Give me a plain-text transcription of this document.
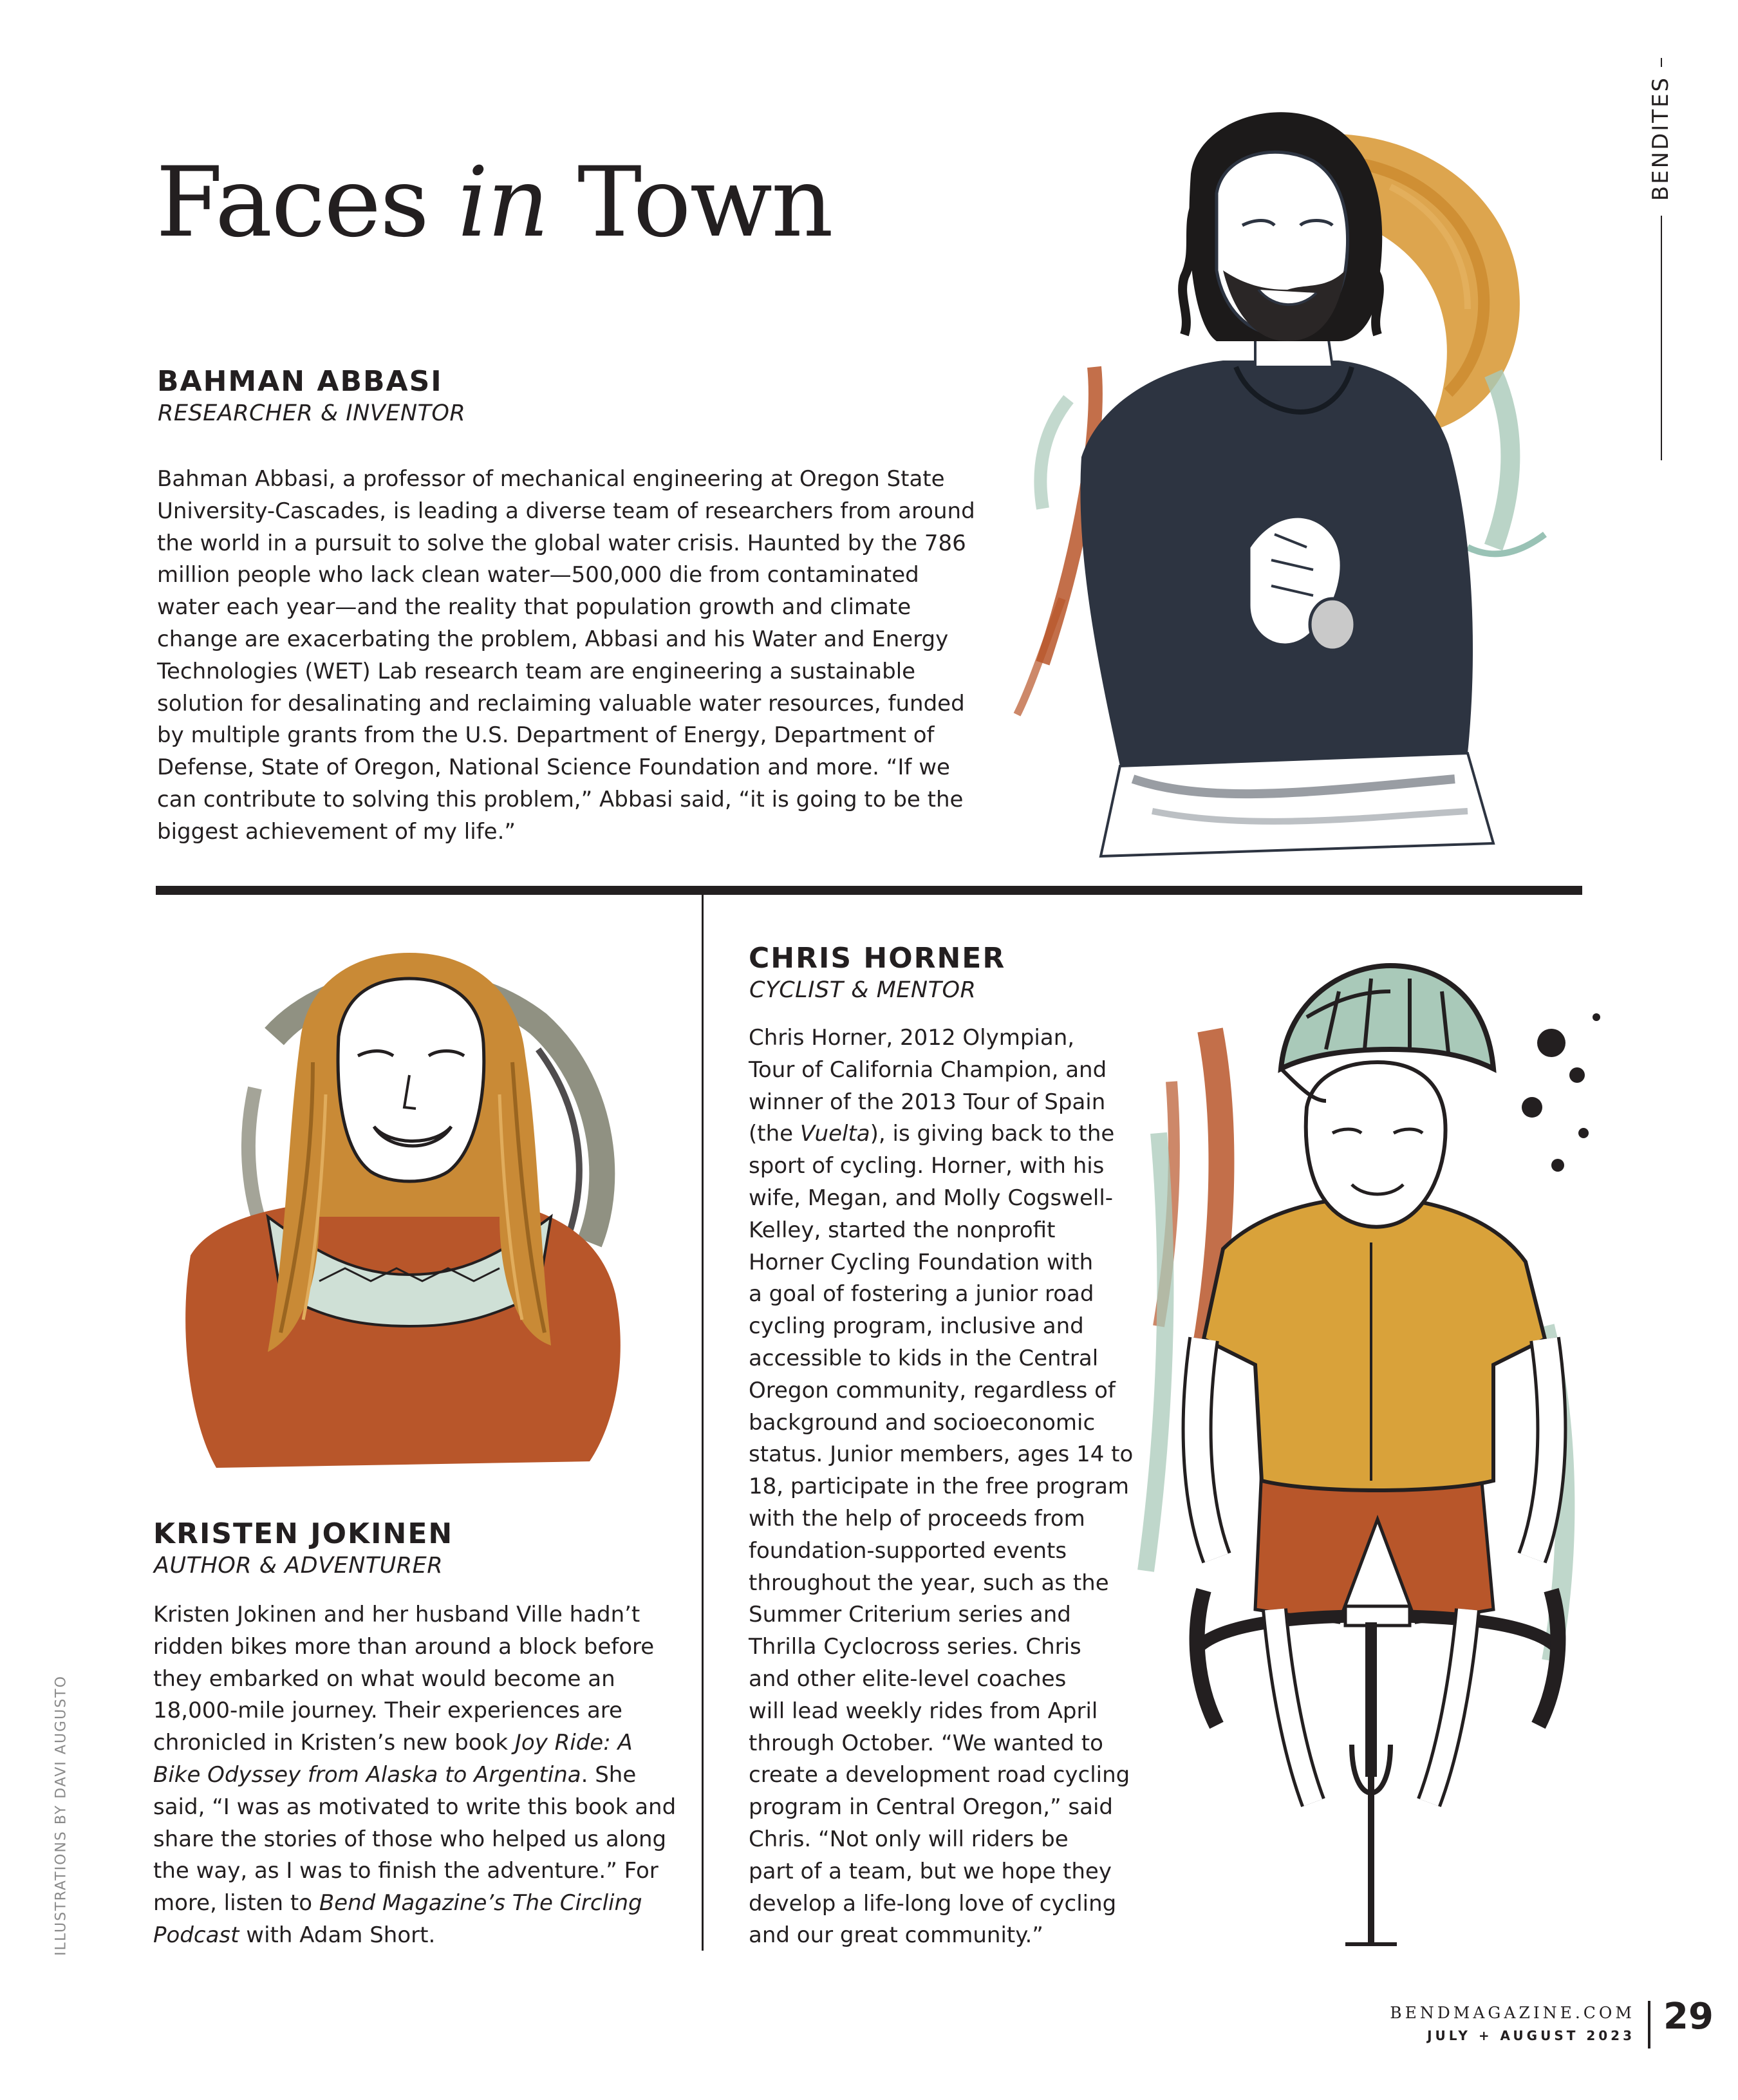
Faces in Town
BENDITES
BAHMAN ABBASI
RESEARCHER & INVENTOR
Bahman Abbasi, a professor of mechanical engineering at Oregon State
University-Cascades, is leading a diverse team of researchers from around
the world in a pursuit to solve the global water crisis. Haunted by the 786
million people who lack clean water—500,000 die from contaminated
water each year—and the reality that population growth and climate
change are exacerbating the problem, Abbasi and his Water and Energy
Technologies (WET) Lab research team are engineering a sustainable
solution for desalinating and reclaiming valuable water resources, funded
by multiple grants from the U.S. Department of Energy, Department of
Defense, State of Oregon, National Science Foundation and more. “If we
can contribute to solving this problem,” Abbasi said, “it is going to be the
biggest achievement of my life.”
KRISTEN JOKINEN
AUTHOR & ADVENTURER
Kristen Jokinen and her husband Ville hadn’t
ridden bikes more than around a block before
they embarked on what would become an
18,000-mile journey. Their experiences are
chronicled in Kristen’s new book Joy Ride: A
Bike Odyssey from Alaska to Argentina. She
said, “I was as motivated to write this book and
share the stories of those who helped us along
the way, as I was to finish the adventure.” For
more, listen to Bend Magazine’s The Circling
Podcast with Adam Short.
CHRIS HORNER
CYCLIST & MENTOR
Chris Horner, 2012 Olympian,
Tour of California Champion, and
winner of the 2013 Tour of Spain
(the Vuelta), is giving back to the
sport of cycling. Horner, with his
wife, Megan, and Molly Cogswell-
Kelley, started the nonprofit
Horner Cycling Foundation with
a goal of fostering a junior road
cycling program, inclusive and
accessible to kids in the Central
Oregon community, regardless of
background and socioeconomic
status. Junior members, ages 14 to
18, participate in the free program
with the help of proceeds from
foundation-supported events
throughout the year, such as the
Summer Criterium series and
Thrilla Cyclocross series. Chris
and other elite-level coaches
will lead weekly rides from April
through October. “We wanted to
create a development road cycling
program in Central Oregon,” said
Chris. “Not only will riders be
part of a team, but we hope they
develop a life-long love of cycling
and our great community.”
ILLUSTRATIONS BY DAVI AUGUSTO
BENDMAGAZINE.COM
JULY + AUGUST 2023 29
